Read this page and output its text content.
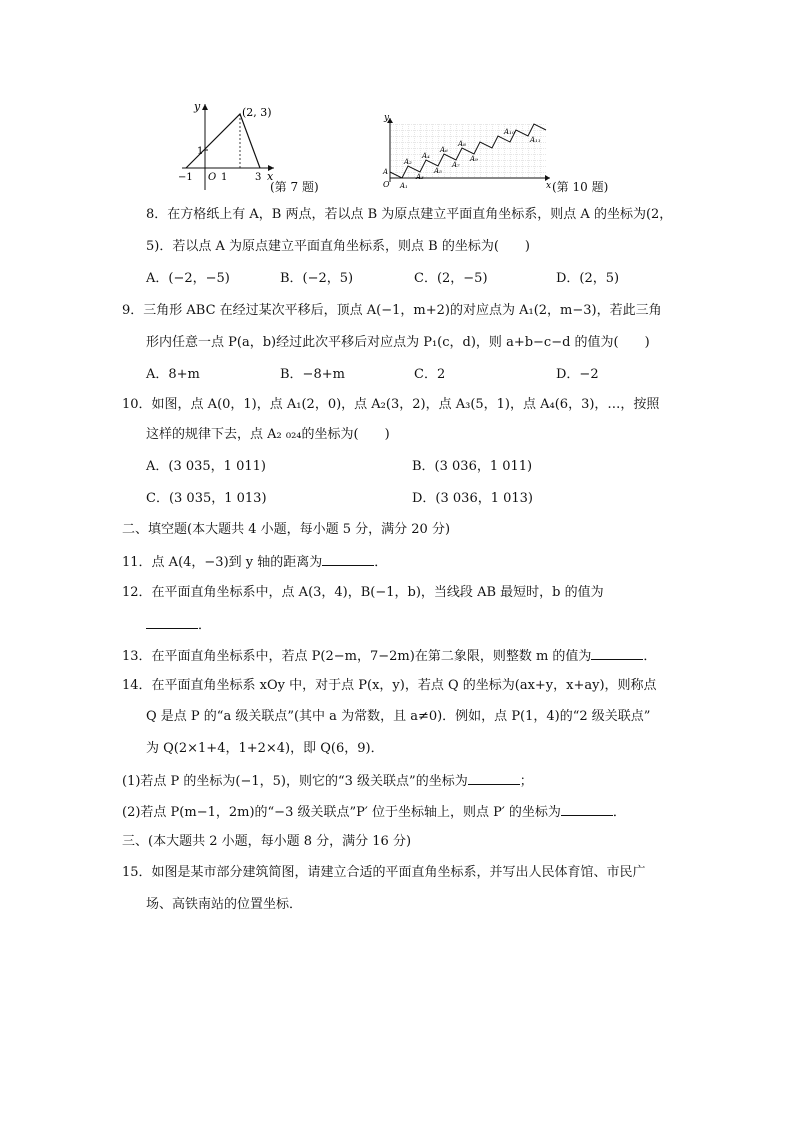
y
x
(2, 3)
O
−1	1	3
1
(第 7 题)
y
x
O
A
A₁
A₂
A₃
A₄
A₅
A₆
A₇
A₈
A₉
A₁₀
A₁₁
(第 10 题)
8．在方格纸上有 A，B 两点，若以点 B 为原点建立平面直角坐标系，则点 A 的坐标为(2，
5)．若以点 A 为原点建立平面直角坐标系，则点 B 的坐标为(　　)
A．(−2，−5)	B．(−2，5)	C．(2，−5)	D．(2，5)
9．三角形 ABC 在经过某次平移后，顶点 A(−1，m+2)的对应点为 A₁(2，m−3)，若此三角
形内任意一点 P(a，b)经过此次平移后对应点为 P₁(c，d)，则 a+b−c−d 的值为(　　)
A．8+m	B．−8+m	C．2	D．−2
10．如图，点 A(0，1)，点 A₁(2，0)，点 A₂(3，2)，点 A₃(5，1)，点 A₄(6，3)，…，按照
这样的规律下去，点 A₂ ₀₂₄的坐标为(　　)
A．(3 035，1 011)	B．(3 036，1 011)
C．(3 035，1 013)	D．(3 036，1 013)
二、填空题(本大题共 4 小题，每小题 5 分，满分 20 分)
11．点 A(4，−3)到 y 轴的距离为	．
12．在平面直角坐标系中，点 A(3，4)，B(−1，b)，当线段 AB 最短时，b 的值为
．
13．在平面直角坐标系中，若点 P(2−m，7−2m)在第二象限，则整数 m 的值为	．
14．在平面直角坐标系 xOy 中，对于点 P(x，y)，若点 Q 的坐标为(ax+y，x+ay)，则称点
Q 是点 P 的“a 级关联点”(其中 a 为常数，且 a≠0)．例如，点 P(1，4)的“2 级关联点”
为 Q(2×1+4，1+2×4)，即 Q(6，9)．
(1)若点 P 的坐标为(−1，5)，则它的“3 级关联点”的坐标为	；
(2)若点 P(m−1，2m)的“−3 级关联点”P′ 位于坐标轴上，则点 P′ 的坐标为	．
三、(本大题共 2 小题，每小题 8 分，满分 16 分)
15．如图是某市部分建筑简图，请建立合适的平面直角坐标系，并写出人民体育馆、市民广
场、高铁南站的位置坐标．
